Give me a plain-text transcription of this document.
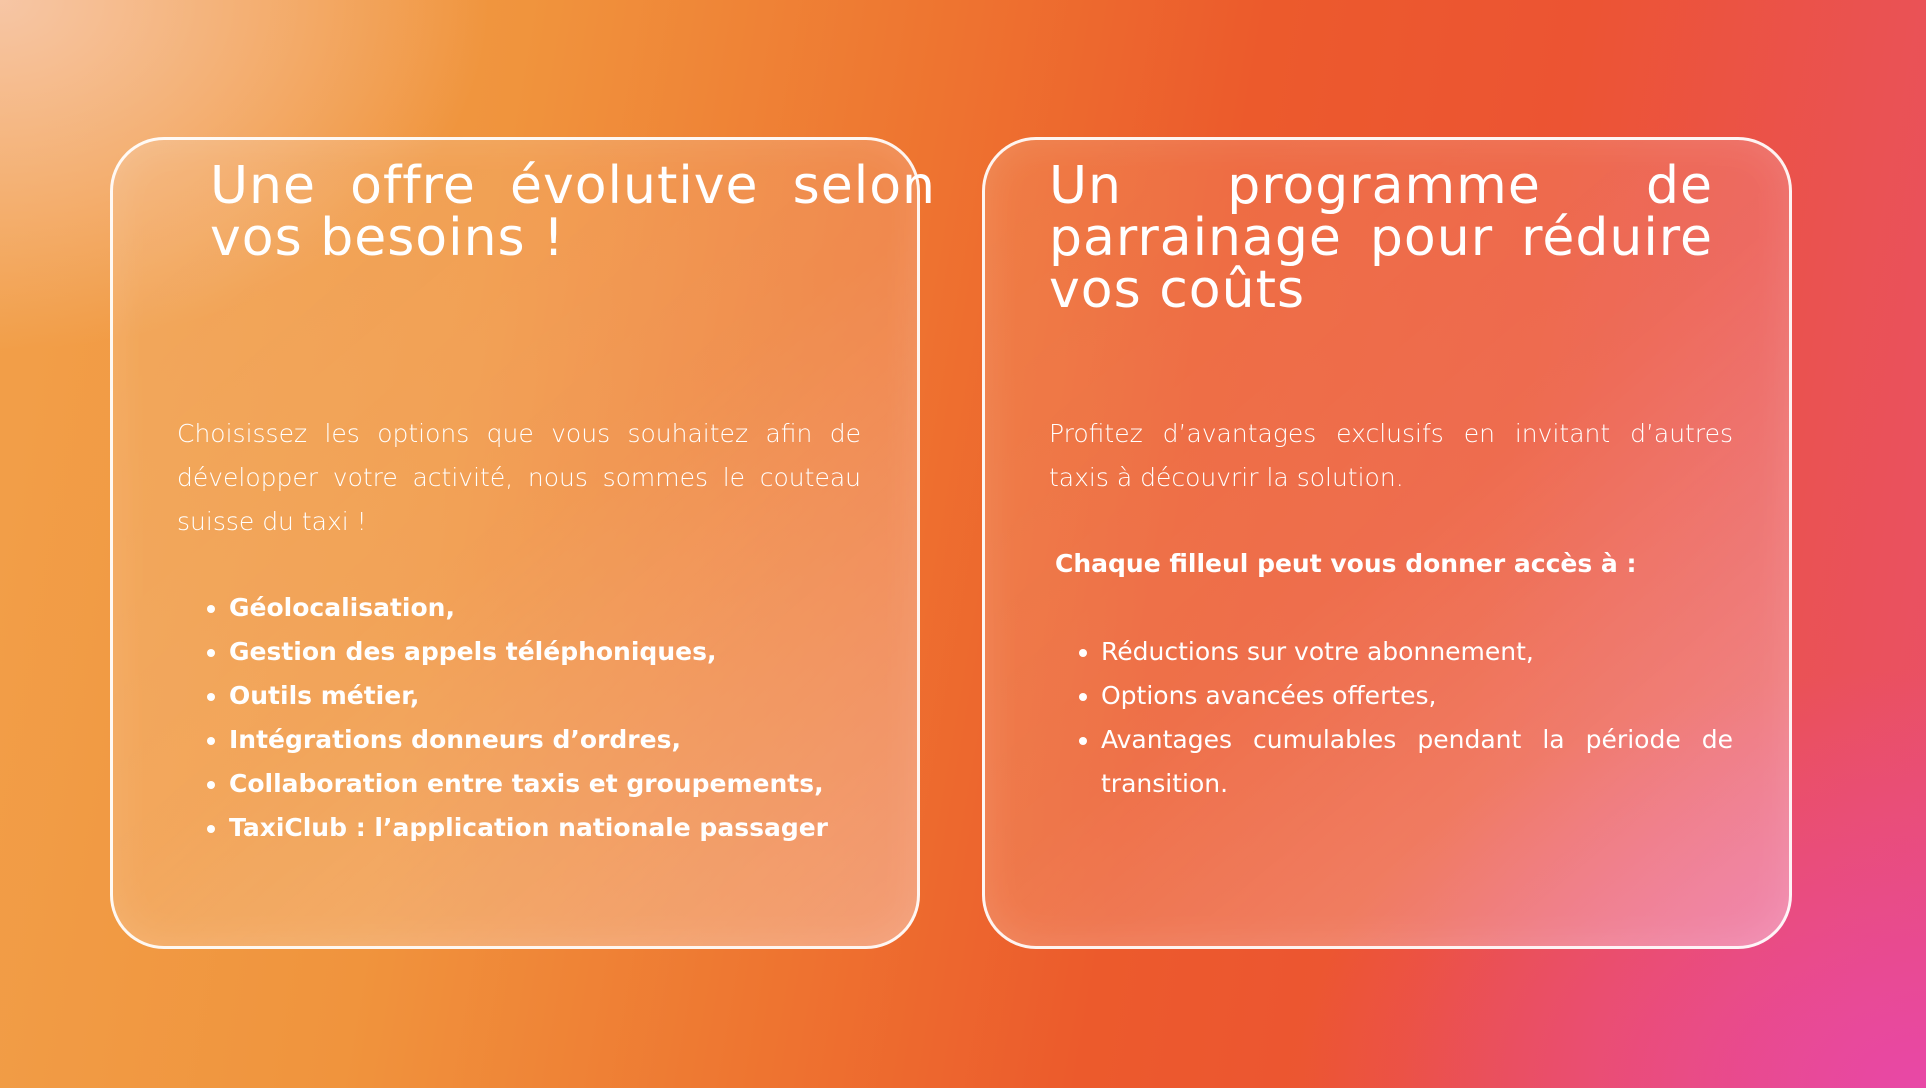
Une offre évolutive selon vos besoins !

Choisissez les options que vous souhaitez afin de développer votre activité, nous sommes le couteau suisse du taxi !

Géolocalisation,
Gestion des appels téléphoniques,
Outils métier,
Intégrations donneurs d’ordres,
Collaboration entre taxis et groupements,
TaxiClub : l’application nationale passager
Un programme de parrainage pour réduire vos coûts

Profitez d’avantages exclusifs en invitant d’autres taxis à découvrir la solution.

Chaque filleul peut vous donner accès à :

Réductions sur votre abonnement,
Options avancées offertes,
Avantages cumulables pendant la période de transition.
